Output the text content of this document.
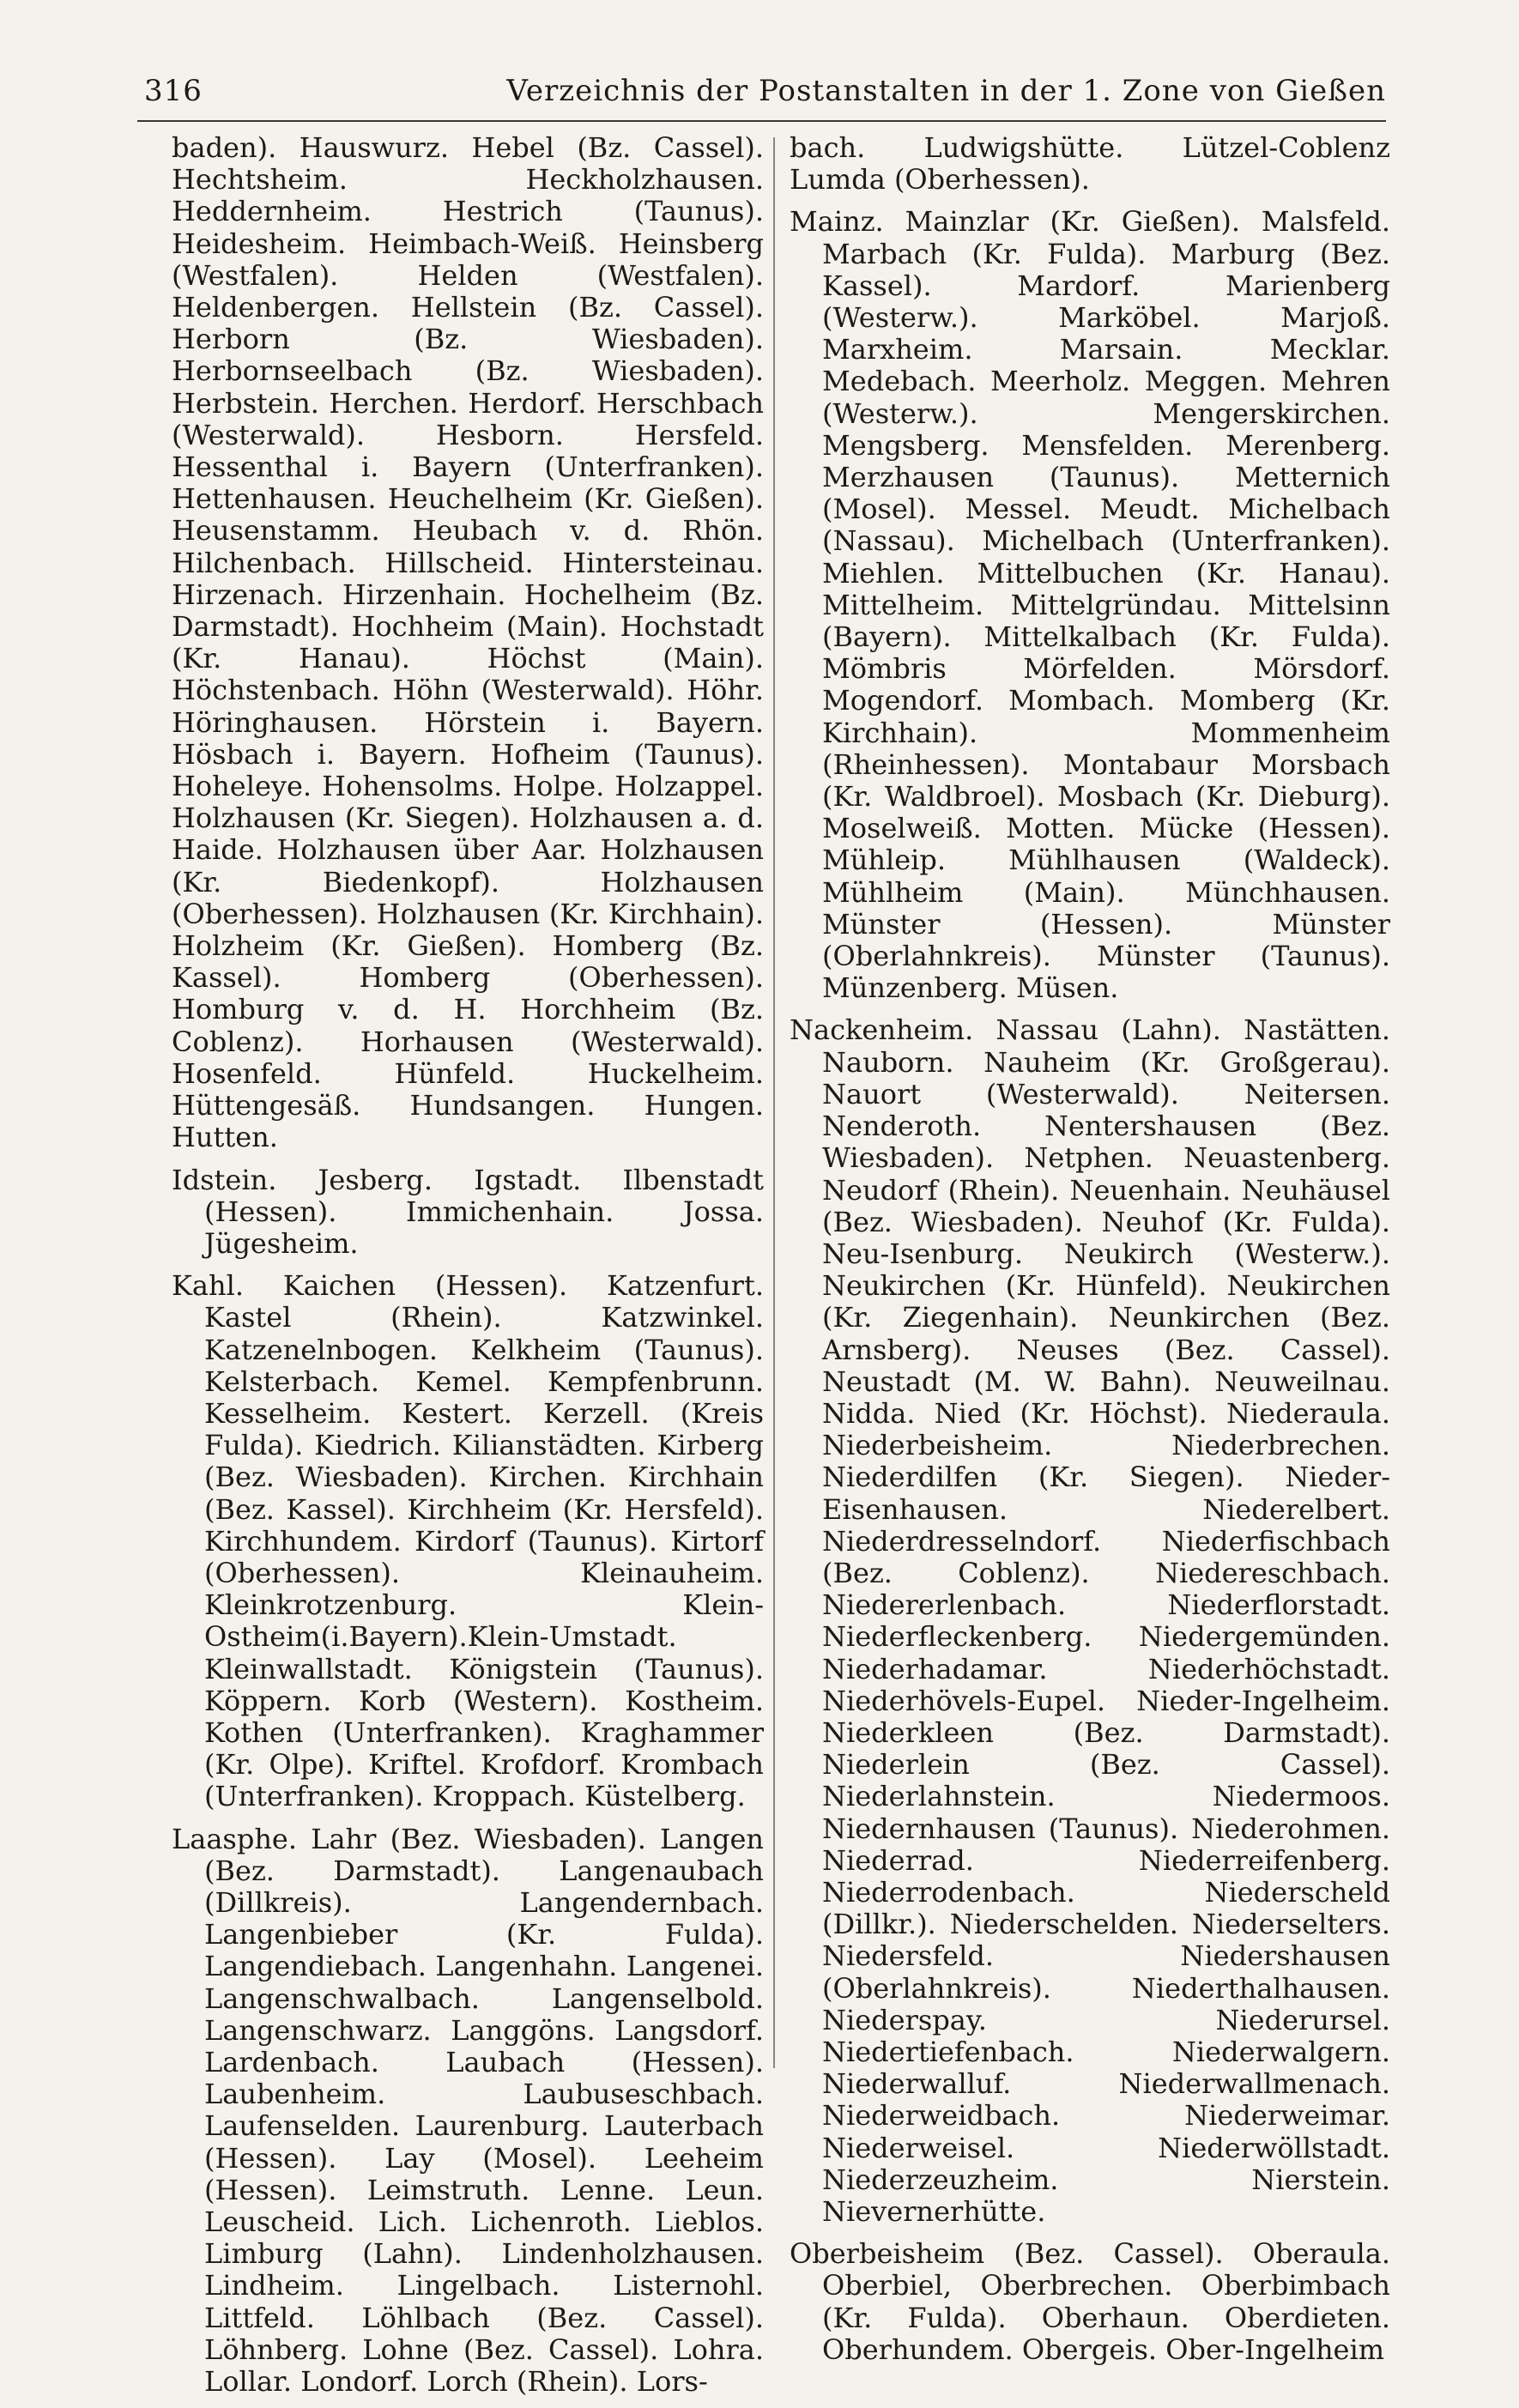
316	Verzeichnis der Postanstalten in der 1. Zone von Gießen

baden). Hauswurz. Hebel (Bz. Cassel). Hechtsheim. Heckholzhausen. Heddernheim. Hestrich (Taunus). Heidesheim. Heimbach-Weiß. Heinsberg (Westfalen). Helden (Westfalen). Heldenbergen. Hellstein (Bz. Cassel). Herborn (Bz. Wiesbaden). Herbornseelbach (Bz. Wiesbaden). Herbstein. Herchen. Herdorf. Herschbach (Westerwald). Hesborn. Hersfeld. Hessenthal i. Bayern (Unterfranken). Hettenhausen. Heuchelheim (Kr. Gießen). Heusenstamm. Heubach v. d. Rhön. Hilchenbach. Hillscheid. Hintersteinau. Hirzenach. Hirzenhain. Hochelheim (Bz. Darmstadt). Hochheim (Main). Hochstadt (Kr. Hanau). Höchst (Main). Höchstenbach. Höhn (Westerwald). Höhr. Höringhausen. Hörstein i. Bayern. Hösbach i. Bayern. Hofheim (Taunus). Hoheleye. Hohensolms. Holpe. Holzappel. Holzhausen (Kr. Siegen). Holzhausen a. d. Haide. Holzhausen über Aar. Holzhausen (Kr. Biedenkopf). Holzhausen (Oberhessen). Holzhausen (Kr. Kirchhain). Holzheim (Kr. Gießen). Homberg (Bz. Kassel). Homberg (Oberhessen). Homburg v. d. H. Horchheim (Bz. Coblenz). Horhausen (Westerwald). Hosenfeld. Hünfeld. Huckelheim. Hüttengesäß. Hundsangen. Hungen. Hutten.

Idstein. Jesberg. Igstadt. Ilbenstadt (Hessen). Immichenhain. Jossa. Jügesheim.

Kahl. Kaichen (Hessen). Katzenfurt. Kastel (Rhein). Katzwinkel. Katzenelnbogen. Kelkheim (Taunus). Kelsterbach. Kemel. Kempfenbrunn. Kesselheim. Kestert. Kerzell. (Kreis Fulda). Kiedrich. Kilianstädten. Kirberg (Bez. Wiesbaden). Kirchen. Kirchhain (Bez. Kassel). Kirchheim (Kr. Hersfeld). Kirchhundem. Kirdorf (Taunus). Kirtorf (Oberhessen). Kleinauheim. Kleinkrotzenburg. Klein-Ostheim(i.Bayern).Klein-Umstadt. Kleinwallstadt. Königstein (Taunus). Köppern. Korb (Western). Kostheim. Kothen (Unterfranken). Kraghammer (Kr. Olpe). Kriftel. Krofdorf. Krombach (Unterfranken). Kroppach. Küstelberg.

Laasphe. Lahr (Bez. Wiesbaden). Langen (Bez. Darmstadt). Langenaubach (Dillkreis). Langendernbach. Langenbieber (Kr. Fulda). Langendiebach. Langenhahn. Langenei. Langenschwalbach. Langenselbold. Langenschwarz. Langgöns. Langsdorf. Lardenbach. Laubach (Hessen). Laubenheim. Laubuseschbach. Laufenselden. Laurenburg. Lauterbach (Hessen). Lay (Mosel). Leeheim (Hessen). Leimstruth. Lenne. Leun. Leuscheid. Lich. Lichenroth. Lieblos. Limburg (Lahn). Lindenholzhausen. Lindheim. Lingelbach. Listernohl. Littfeld. Löhlbach (Bez. Cassel). Löhnberg. Lohne (Bez. Cassel). Lohra. Lollar. Londorf. Lorch (Rhein). Lors-

bach. Ludwigshütte. Lützel-Coblenz Lumda (Oberhessen).

Mainz. Mainzlar (Kr. Gießen). Malsfeld. Marbach (Kr. Fulda). Marburg (Bez. Kassel). Mardorf. Marienberg (Westerw.). Marköbel. Marjoß. Marxheim. Marsain. Mecklar. Medebach. Meerholz. Meggen. Mehren (Westerw.). Mengerskirchen. Mengsberg. Mensfelden. Merenberg. Merzhausen (Taunus). Metternich (Mosel). Messel. Meudt. Michelbach (Nassau). Michelbach (Unterfranken). Miehlen. Mittelbuchen (Kr. Hanau). Mittelheim. Mittelgründau. Mittelsinn (Bayern). Mittelkalbach (Kr. Fulda). Mömbris Mörfelden. Mörsdorf. Mogendorf. Mombach. Momberg (Kr. Kirchhain). Mommenheim (Rheinhessen). Montabaur Morsbach (Kr. Waldbroel). Mosbach (Kr. Dieburg). Moselweiß. Motten. Mücke (Hessen). Mühleip. Mühlhausen (Waldeck). Mühlheim (Main). Münchhausen. Münster (Hessen). Münster (Oberlahnkreis). Münster (Taunus). Münzenberg. Müsen.

Nackenheim. Nassau (Lahn). Nastätten. Nauborn. Nauheim (Kr. Großgerau). Nauort (Westerwald). Neitersen. Nenderoth. Nentershausen (Bez. Wiesbaden). Netphen. Neuastenberg. Neudorf (Rhein). Neuenhain. Neuhäusel (Bez. Wiesbaden). Neuhof (Kr. Fulda). Neu-Isenburg. Neukirch (Westerw.). Neukirchen (Kr. Hünfeld). Neukirchen (Kr. Ziegenhain). Neunkirchen (Bez. Arnsberg). Neuses (Bez. Cassel). Neustadt (M. W. Bahn). Neuweilnau. Nidda. Nied (Kr. Höchst). Niederaula. Niederbeisheim. Niederbrechen. Niederdilfen (Kr. Siegen). Nieder-Eisenhausen. Niederelbert. Niederdresselndorf. Niederfischbach (Bez. Coblenz). Niedereschbach. Niedererlenbach. Niederflorstadt. Niederfleckenberg. Niedergemünden. Niederhadamar. Niederhöchstadt. Niederhövels-Eupel. Nieder-Ingelheim. Niederkleen (Bez. Darmstadt). Niederlein (Bez. Cassel). Niederlahnstein. Niedermoos. Niedernhausen (Taunus). Niederohmen. Niederrad. Niederreifenberg. Niederrodenbach. Niederscheld (Dillkr.). Niederschelden. Niederselters. Niedersfeld. Niedershausen (Oberlahnkreis). Niederthalhausen. Niederspay. Niederursel. Niedertiefenbach. Niederwalgern. Niederwalluf. Niederwallmenach. Niederweidbach. Niederweimar. Niederweisel. Niederwöllstadt. Niederzeuzheim. Nierstein. Nievernerhütte.

Oberbeisheim (Bez. Cassel). Oberaula. Oberbiel, Oberbrechen. Oberbimbach (Kr. Fulda). Oberhaun. Oberdieten. Oberhundem. Obergeis. Ober-Ingelheim
